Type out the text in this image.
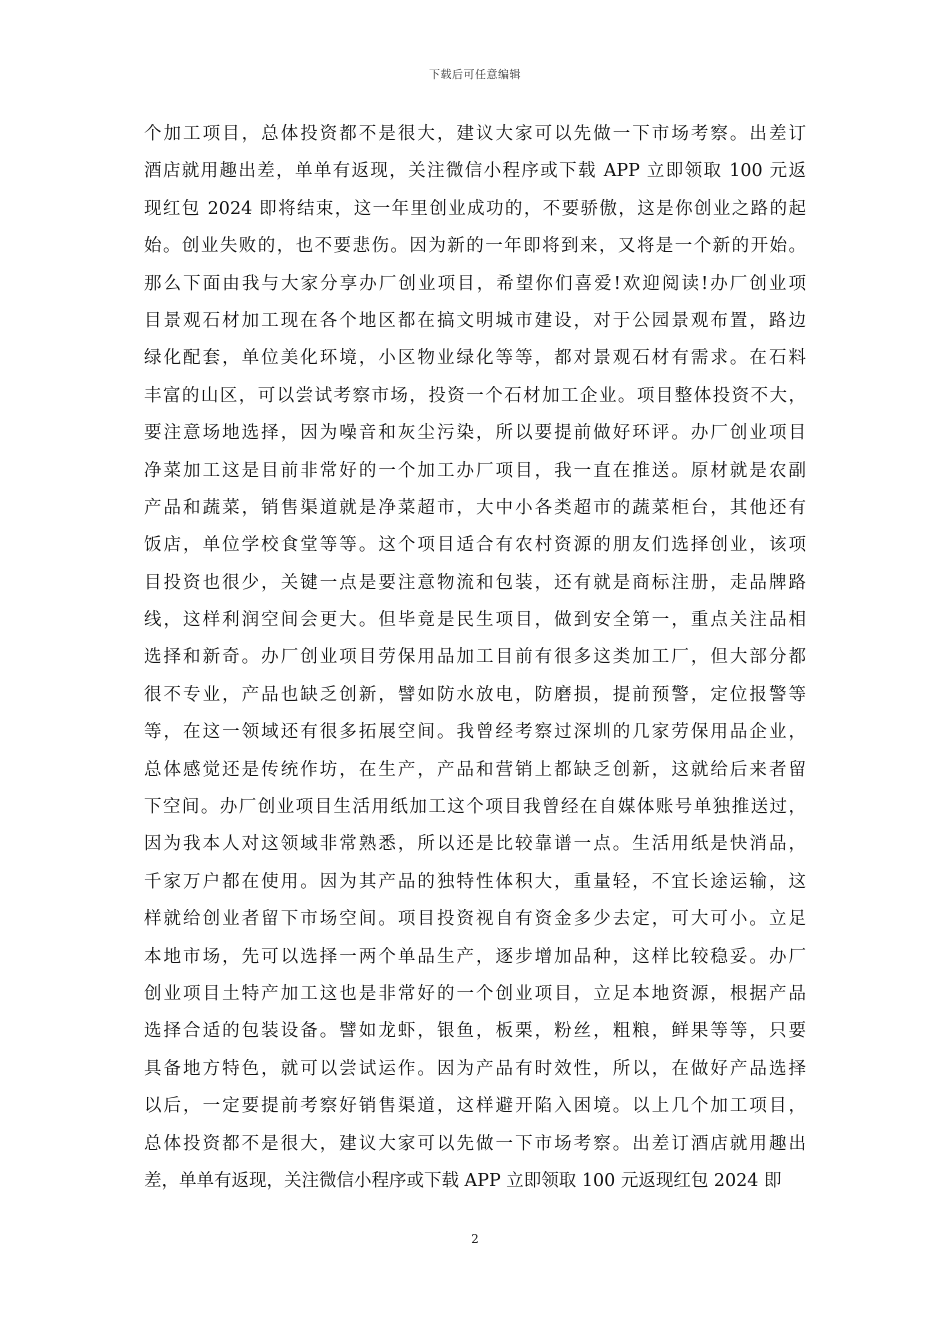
下载后可任意编辑
个加工项目，总体投资都不是很大，建议大家可以先做一下市场考察。出差订
酒店就用趣出差，单单有返现，关注微信小程序或下载 APP 立即领取 100 元返
现红包 2024 即将结束，这一年里创业成功的，不要骄傲，这是你创业之路的起
始。创业失败的，也不要悲伤。因为新的一年即将到来，又将是一个新的开始。
那么下面由我与大家分享办厂创业项目，希望你们喜爱!欢迎阅读!办厂创业项
目景观石材加工现在各个地区都在搞文明城市建设，对于公园景观布置，路边
绿化配套，单位美化环境，小区物业绿化等等，都对景观石材有需求。在石料
丰富的山区，可以尝试考察市场，投资一个石材加工企业。项目整体投资不大，
要注意场地选择，因为噪音和灰尘污染，所以要提前做好环评。办厂创业项目
净菜加工这是目前非常好的一个加工办厂项目，我一直在推送。原材就是农副
产品和蔬菜，销售渠道就是净菜超市，大中小各类超市的蔬菜柜台，其他还有
饭店，单位学校食堂等等。这个项目适合有农村资源的朋友们选择创业，该项
目投资也很少，关键一点是要注意物流和包装，还有就是商标注册，走品牌路
线，这样利润空间会更大。但毕竟是民生项目，做到安全第一，重点关注品相
选择和新奇。办厂创业项目劳保用品加工目前有很多这类加工厂，但大部分都
很不专业，产品也缺乏创新，譬如防水放电，防磨损，提前预警，定位报警等
等，在这一领域还有很多拓展空间。我曾经考察过深圳的几家劳保用品企业，
总体感觉还是传统作坊，在生产，产品和营销上都缺乏创新，这就给后来者留
下空间。办厂创业项目生活用纸加工这个项目我曾经在自媒体账号单独推送过，
因为我本人对这领域非常熟悉，所以还是比较靠谱一点。生活用纸是快消品，
千家万户都在使用。因为其产品的独特性体积大，重量轻，不宜长途运输，这
样就给创业者留下市场空间。项目投资视自有资金多少去定，可大可小。立足
本地市场，先可以选择一两个单品生产，逐步增加品种，这样比较稳妥。办厂
创业项目土特产加工这也是非常好的一个创业项目，立足本地资源，根据产品
选择合适的包装设备。譬如龙虾，银鱼，板栗，粉丝，粗粮，鲜果等等，只要
具备地方特色，就可以尝试运作。因为产品有时效性，所以，在做好产品选择
以后，一定要提前考察好销售渠道，这样避开陷入困境。以上几个加工项目，
总体投资都不是很大，建议大家可以先做一下市场考察。出差订酒店就用趣出
差，单单有返现，关注微信小程序或下载 APP 立即领取 100 元返现红包 2024 即
2
